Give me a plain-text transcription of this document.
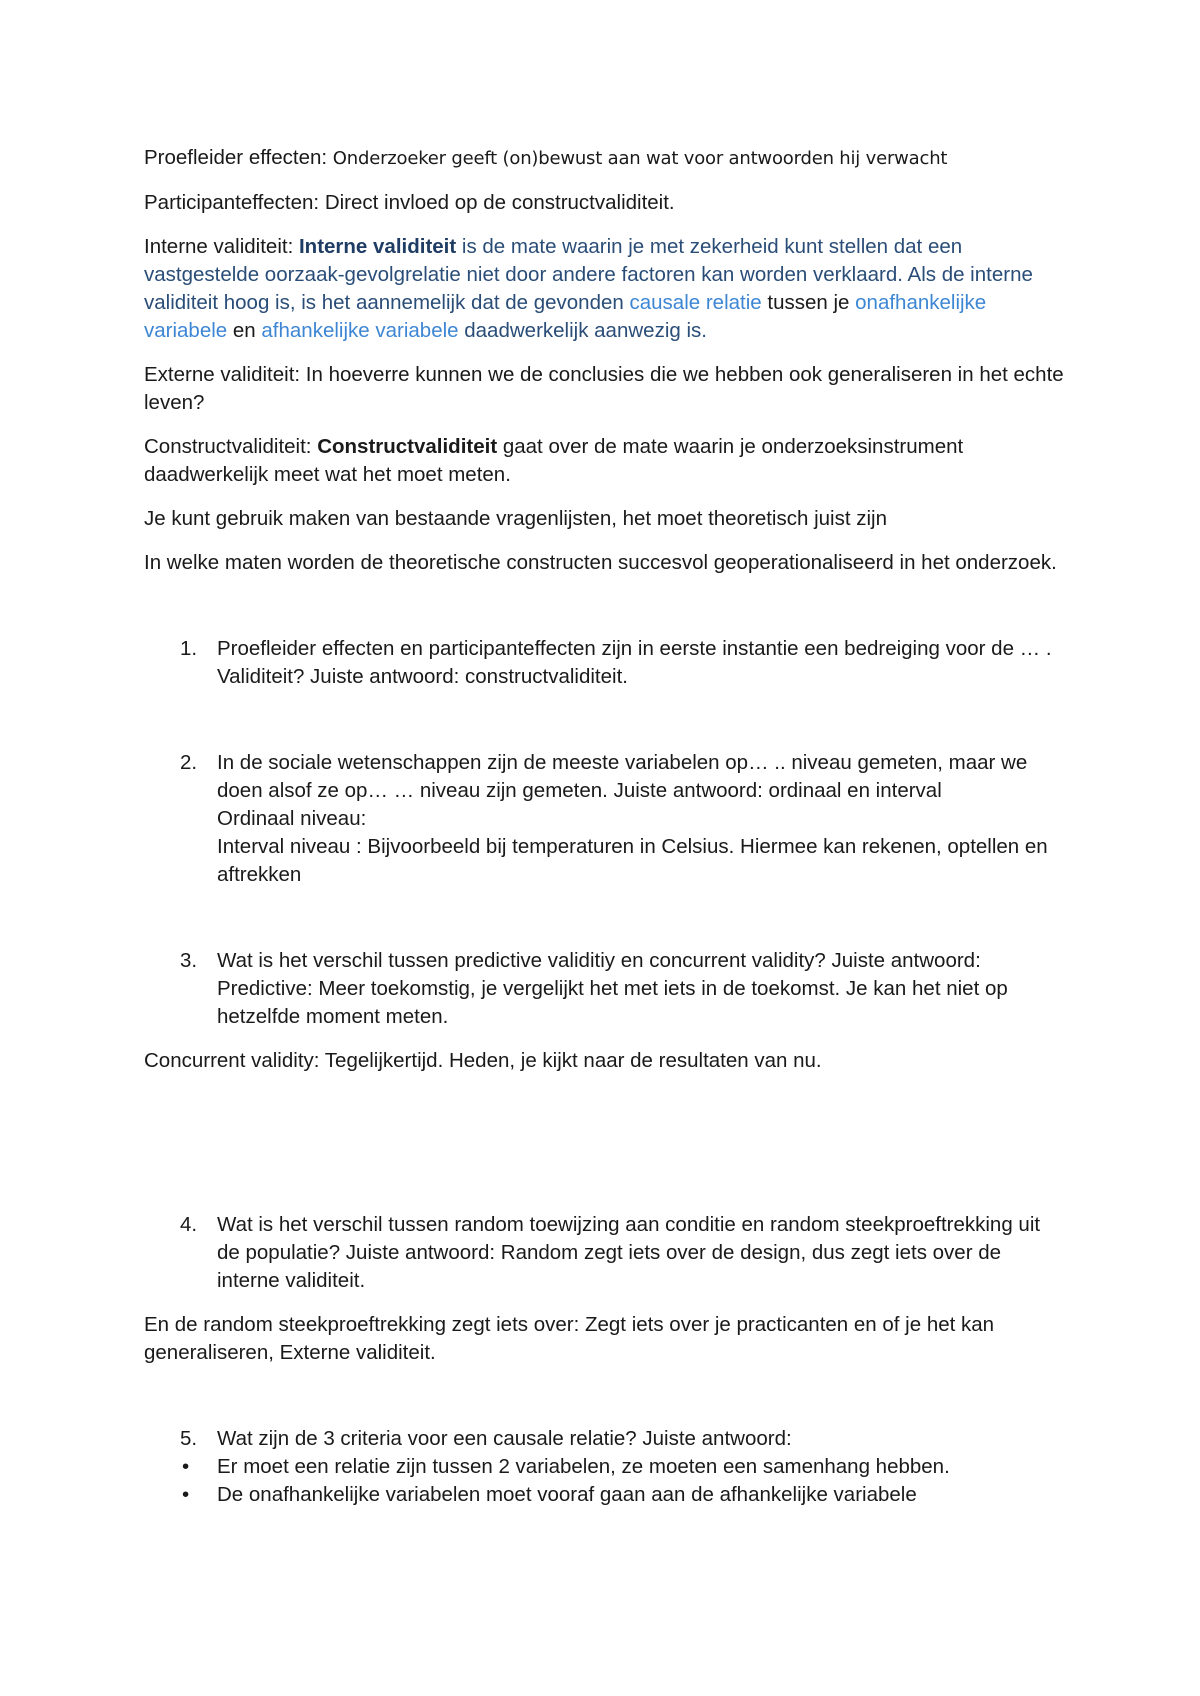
Proefleider effecten: Onderzoeker geeft (on)bewust aan wat voor antwoorden hij verwacht

Participanteffecten: Direct invloed op de constructvaliditeit.

Interne validiteit: Interne validiteit is de mate waarin je met zekerheid kunt stellen dat een vastgestelde oorzaak-gevolgrelatie niet door andere factoren kan worden verklaard. Als de interne validiteit hoog is, is het aannemelijk dat de gevonden causale relatie tussen je onafhankelijke variabele en afhankelijke variabele daadwerkelijk aanwezig is.

Externe validiteit: In hoeverre kunnen we de conclusies die we hebben ook generaliseren in het echte leven?

Constructvaliditeit: Constructvaliditeit gaat over de mate waarin je onderzoeksinstrument daadwerkelijk meet wat het moet meten.

Je kunt gebruik maken van bestaande vragenlijsten, het moet theoretisch juist zijn

In welke maten worden de theoretische constructen succesvol geoperationaliseerd in het onderzoek.

1. Proefleider effecten en participanteffecten zijn in eerste instantie een bedreiging voor de … . Validiteit? Juiste antwoord: constructvaliditeit.
2. In de sociale wetenschappen zijn de meeste variabelen op… .. niveau gemeten, maar we doen alsof ze op… … niveau zijn gemeten. Juiste antwoord: ordinaal en interval
Ordinaal niveau:
Interval niveau : Bijvoorbeeld bij temperaturen in Celsius. Hiermee kan rekenen, optellen en aftrekken
3. Wat is het verschil tussen predictive validitiy en concurrent validity? Juiste antwoord: Predictive: Meer toekomstig, je vergelijkt het met iets in de toekomst. Je kan het niet op hetzelfde moment meten.

Concurrent validity: Tegelijkertijd. Heden, je kijkt naar de resultaten van nu.

4. Wat is het verschil tussen random toewijzing aan conditie en random steekproeftrekking uit de populatie? Juiste antwoord: Random zegt iets over de design, dus zegt iets over de interne validiteit.

En de random steekproeftrekking zegt iets over: Zegt iets over je practicanten en of je het kan generaliseren, Externe validiteit.

5. Wat zijn de 3 criteria voor een causale relatie? Juiste antwoord:
• Er moet een relatie zijn tussen 2 variabelen, ze moeten een samenhang hebben.
• De onafhankelijke variabelen moet vooraf gaan aan de afhankelijke variabele
